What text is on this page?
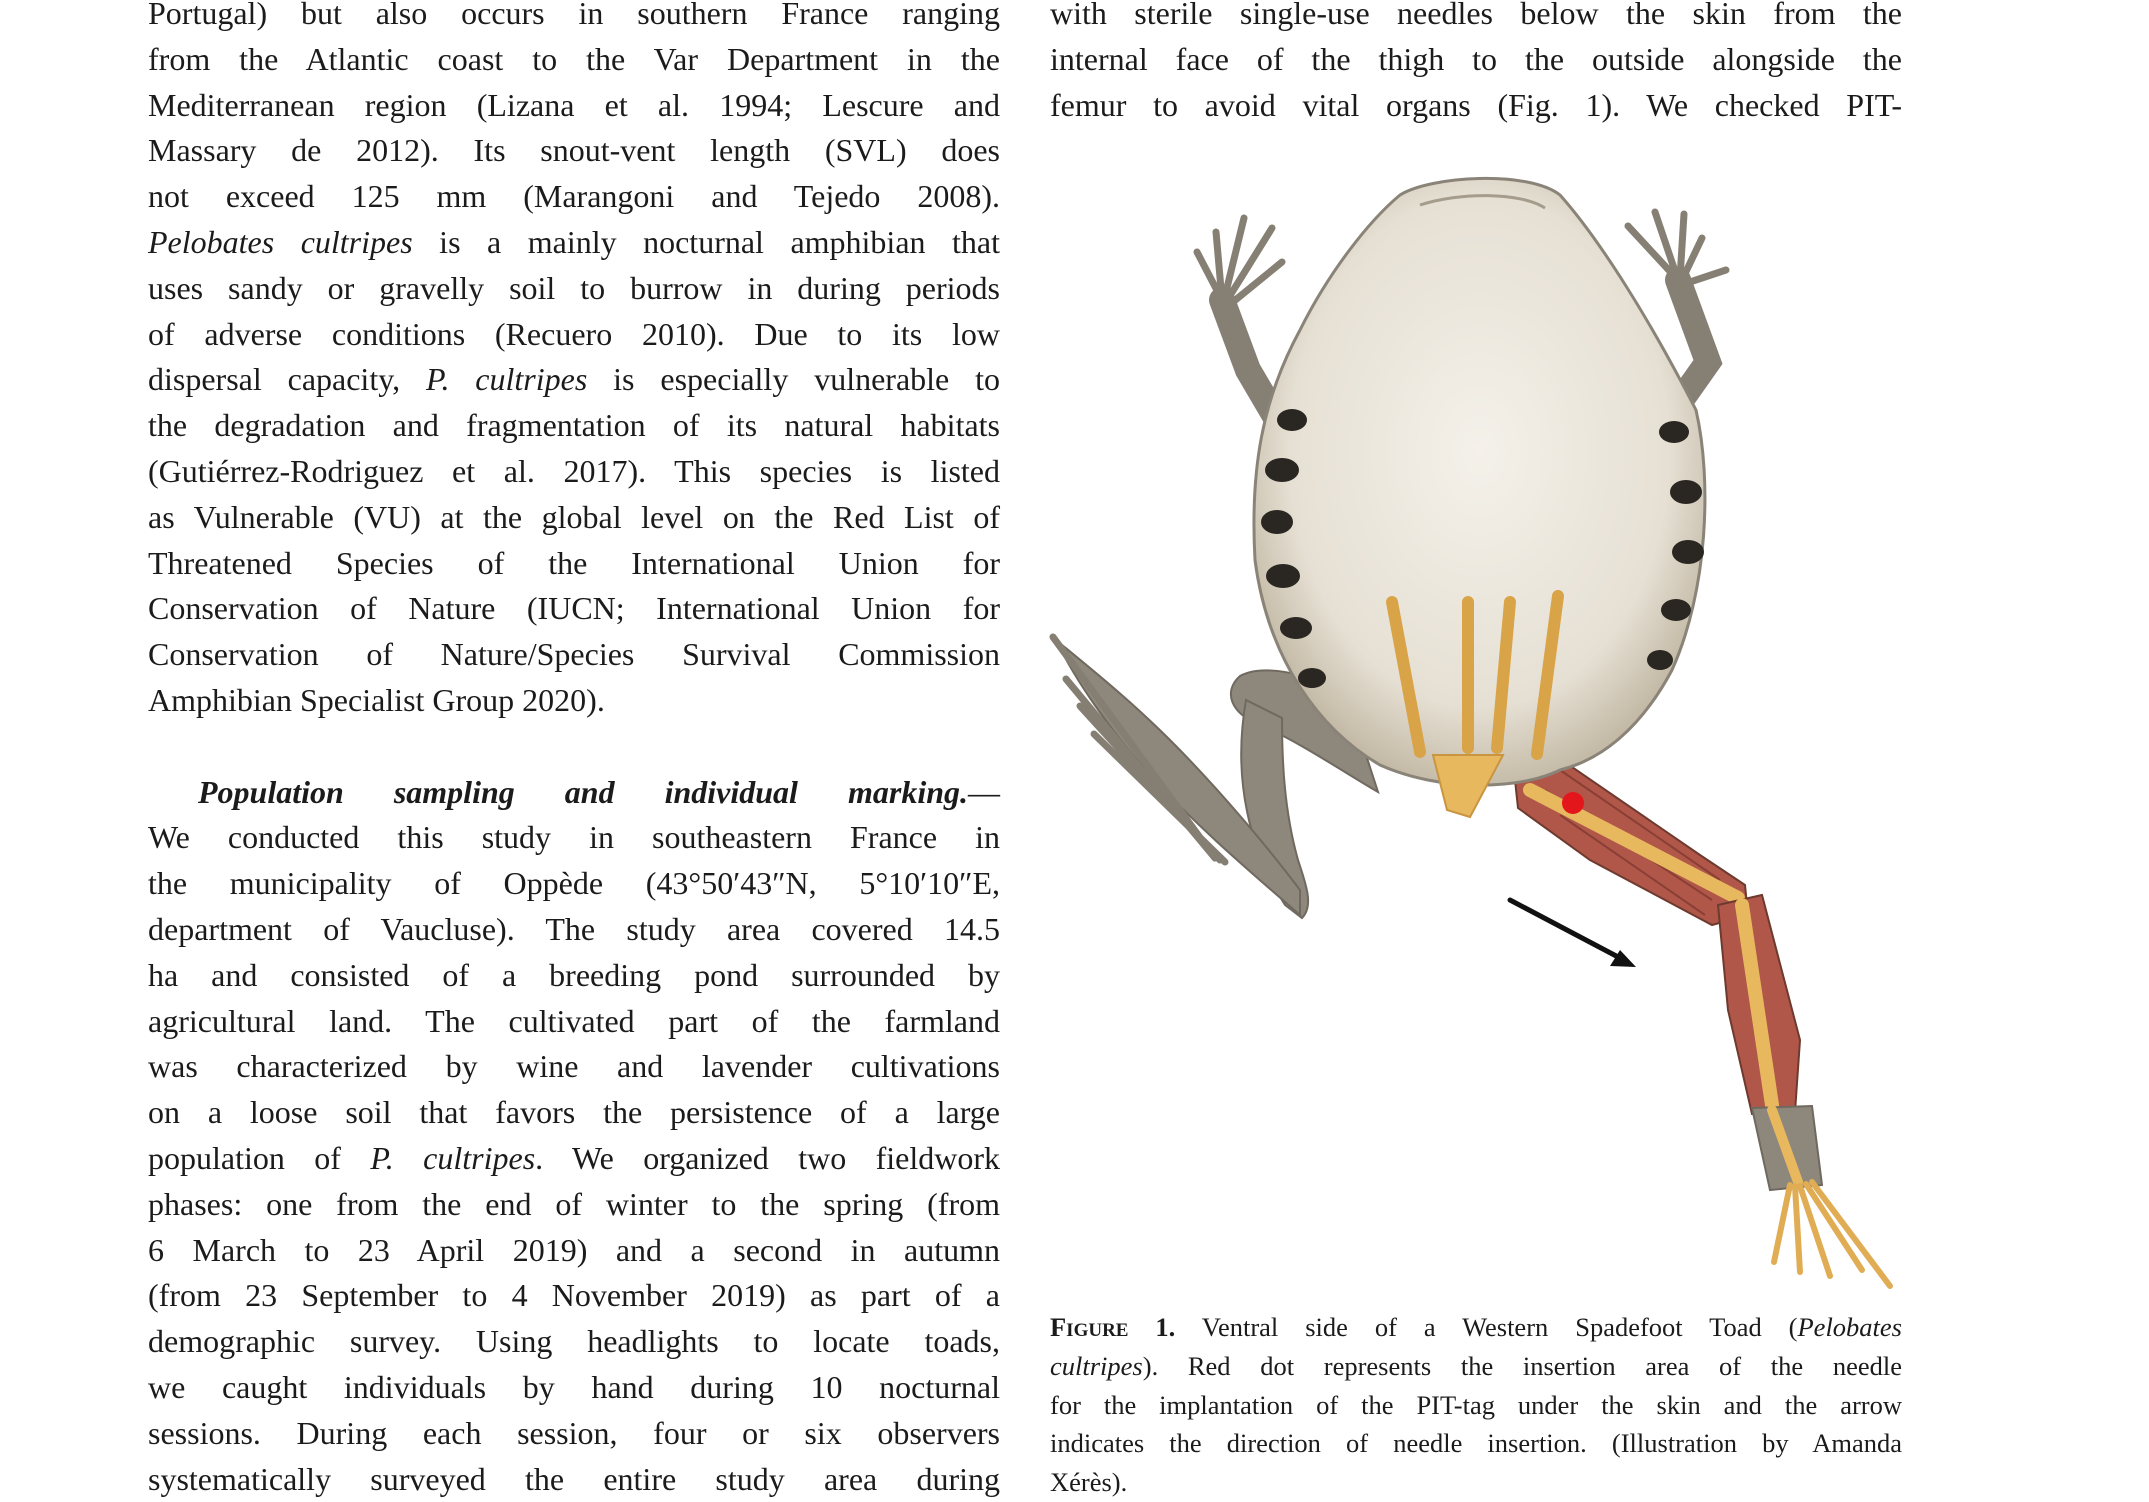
Portugal) but also occurs in southern France ranging
from the Atlantic coast to the Var Department in the
Mediterranean region (Lizana et al. 1994; Lescure and
Massary de 2012). Its snout-vent length (SVL) does
not exceed 125 mm (Marangoni and Tejedo 2008).
Pelobates cultripes is a mainly nocturnal amphibian that
uses sandy or gravelly soil to burrow in during periods
of adverse conditions (Recuero 2010). Due to its low
dispersal capacity, P. cultripes is especially vulnerable to
the degradation and fragmentation of its natural habitats
(Gutiérrez-Rodriguez et al. 2017). This species is listed
as Vulnerable (VU) at the global level on the Red List of
Threatened Species of the International Union for
Conservation of Nature (IUCN; International Union for
Conservation of Nature/Species Survival Commission
Amphibian Specialist Group 2020).
Population sampling and individual marking.—
We conducted this study in southeastern France in
the municipality of Oppède (43°50′43″N, 5°10′10″E,
department of Vaucluse). The study area covered 14.5
ha and consisted of a breeding pond surrounded by
agricultural land. The cultivated part of the farmland
was characterized by wine and lavender cultivations
on a loose soil that favors the persistence of a large
population of P. cultripes. We organized two fieldwork
phases: one from the end of winter to the spring (from
6 March to 23 April 2019) and a second in autumn
(from 23 September to 4 November 2019) as part of a
demographic survey. Using headlights to locate toads,
we caught individuals by hand during 10 nocturnal
sessions. During each session, four or six observers
systematically surveyed the entire study area during
with sterile single-use needles below the skin from the
internal face of the thigh to the outside alongside the
femur to avoid vital organs (Fig. 1). We checked PIT-
Figure 1. Ventral side of a Western Spadefoot Toad (Pelobates
cultripes). Red dot represents the insertion area of the needle
for the implantation of the PIT-tag under the skin and the arrow
indicates the direction of needle insertion. (Illustration by Amanda
Xérès).
